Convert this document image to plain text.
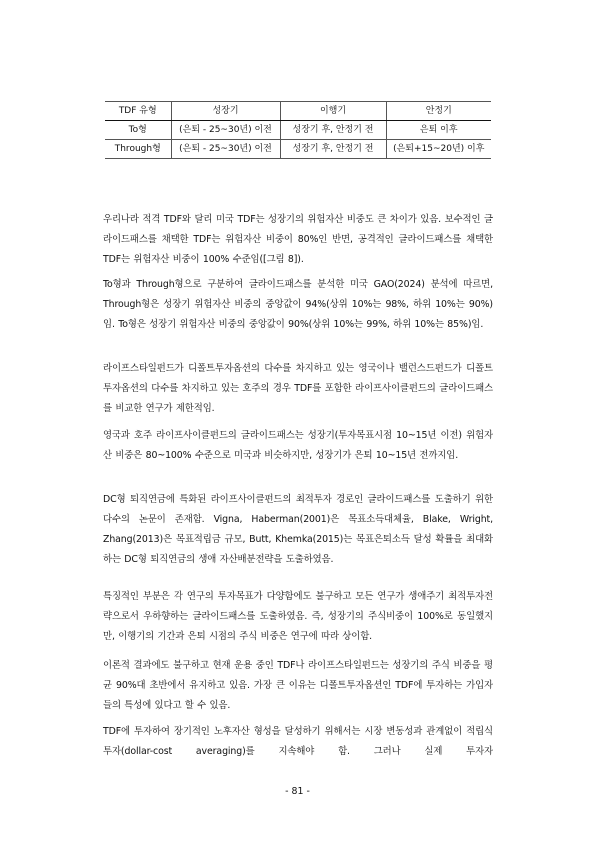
TDF 유형	성장기	이행기	안정기
To형	(은퇴 - 25~30년) 이전	성장기 후, 안정기 전	은퇴 이후
Through형	(은퇴 - 25~30년) 이전	성장기 후, 안정기 전	(은퇴+15~20년) 이후

우리나라 적격 TDF와 달리 미국 TDF는 성장기의 위험자산 비중도 큰 차이가 있음. 보수적인 글라이드패스를 채택한 TDF는 위험자산 비중이 80%인 반면, 공격적인 글라이드패스를 채택한 TDF는 위험자산 비중이 100% 수준임([그림 8]).

To형과 Through형으로 구분하여 글라이드패스를 분석한 미국 GAO(2024) 분석에 따르면, Through형은 성장기 위험자산 비중의 중앙값이 94%(상위 10%는 98%, 하위 10%는 90%)임. To형은 성장기 위험자산 비중의 중앙값이 90%(상위 10%는 99%, 하위 10%는 85%)임.

라이프스타일펀드가 디폴트투자옵션의 다수를 차지하고 있는 영국이나 밸런스드펀드가 디폴트투자옵션의 다수를 차지하고 있는 호주의 경우 TDF를 포함한 라이프사이클펀드의 글라이드패스를 비교한 연구가 제한적임.

영국과 호주 라이프사이클펀드의 글라이드패스는 성장기(투자목표시점 10~15년 이전) 위험자산 비중은 80~100% 수준으로 미국과 비슷하지만, 성장기가 은퇴 10~15년 전까지임.

DC형 퇴직연금에 특화된 라이프사이클펀드의 최적투자 경로인 글라이드패스를 도출하기 위한 다수의 논문이 존재함. Vigna, Haberman(2001)은 목표소득대체율, Blake, Wright, Zhang(2013)은 목표적립금 규모, Butt, Khemka(2015)는 목표은퇴소득 달성 확률을 최대화하는 DC형 퇴직연금의 생애 자산배분전략을 도출하였음.

특징적인 부분은 각 연구의 투자목표가 다양함에도 불구하고 모든 연구가 생애주기 최적투자전략으로서 우하향하는 글라이드패스를 도출하였음. 즉, 성장기의 주식비중이 100%로 동일했지만, 이행기의 기간과 은퇴 시점의 주식 비중은 연구에 따라 상이함.

이론적 결과에도 불구하고 현재 운용 중인 TDF나 라이프스타일펀드는 성장기의 주식 비중을 평균 90%대 초반에서 유지하고 있음. 가장 큰 이유는 디폴트투자옵션인 TDF에 투자하는 가입자들의 특성에 있다고 할 수 있음.

TDF에 투자하여 장기적인 노후자산 형성을 달성하기 위해서는 시장 변동성과 관계없이 적립식 투자(dollar-cost averaging)를 지속해야 함. 그러나 실제 투자자

- 81 -
